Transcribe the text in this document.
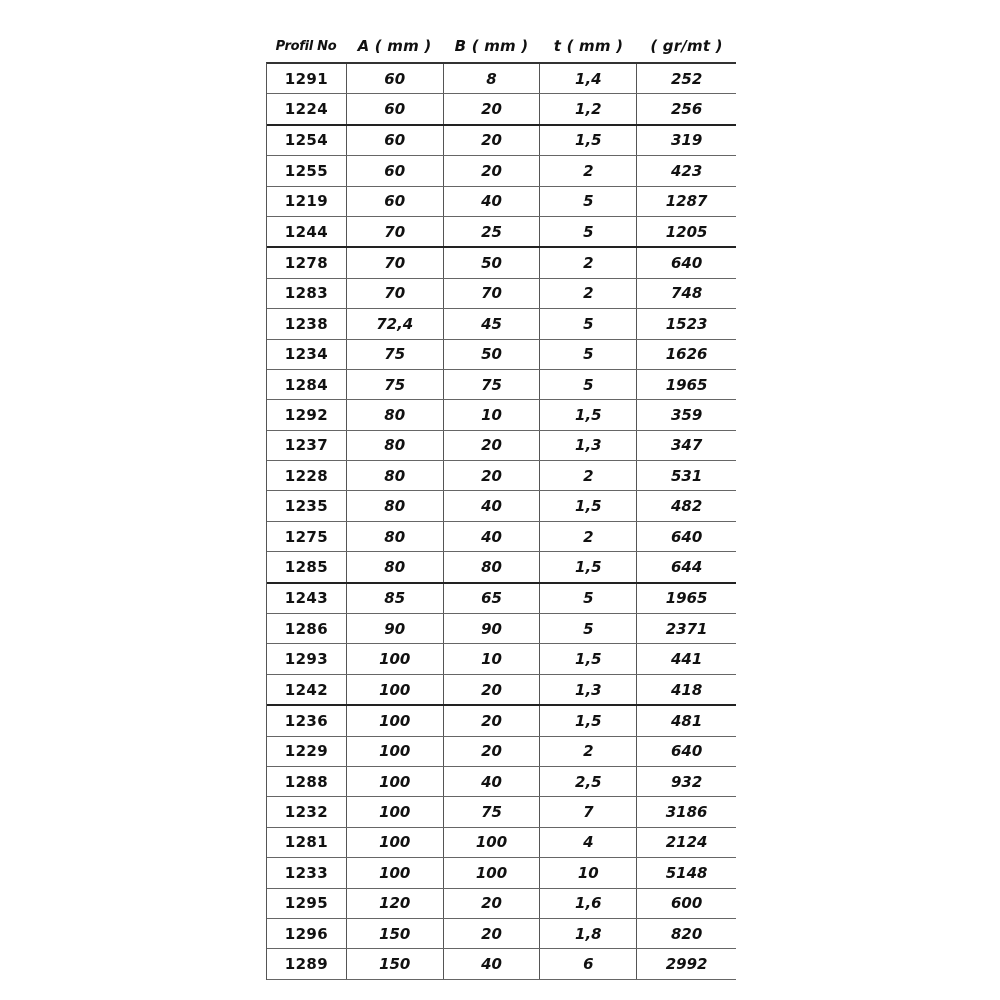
Profil No	A ( mm )	B ( mm )	t ( mm )	( gr/mt )
1291	60	8	1,4	252
1224	60	20	1,2	256
1254	60	20	1,5	319
1255	60	20	2	423
1219	60	40	5	1287
1244	70	25	5	1205
1278	70	50	2	640
1283	70	70	2	748
1238	72,4	45	5	1523
1234	75	50	5	1626
1284	75	75	5	1965
1292	80	10	1,5	359
1237	80	20	1,3	347
1228	80	20	2	531
1235	80	40	1,5	482
1275	80	40	2	640
1285	80	80	1,5	644
1243	85	65	5	1965
1286	90	90	5	2371
1293	100	10	1,5	441
1242	100	20	1,3	418
1236	100	20	1,5	481
1229	100	20	2	640
1288	100	40	2,5	932
1232	100	75	7	3186
1281	100	100	4	2124
1233	100	100	10	5148
1295	120	20	1,6	600
1296	150	20	1,8	820
1289	150	40	6	2992
